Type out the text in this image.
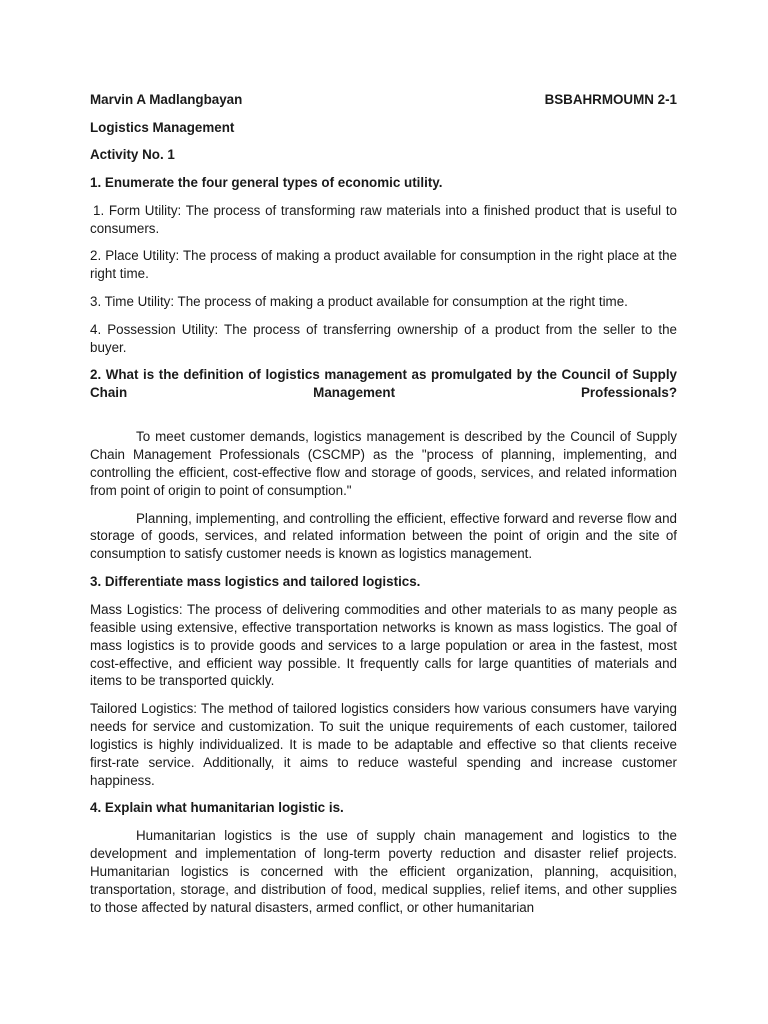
Marvin A Madlangbayan	BSBAHRMOUMN 2-1

Logistics Management

Activity No. 1

1. Enumerate the four general types of economic utility.

1. Form Utility: The process of transforming raw materials into a finished product that is useful to consumers.

2. Place Utility: The process of making a product available for consumption in the right place at the right time.

3. Time Utility: The process of making a product available for consumption at the right time.

4. Possession Utility: The process of transferring ownership of a product from the seller to the buyer.

2. What is the definition of logistics management as promulgated by the Council of Supply Chain Management Professionals?

To meet customer demands, logistics management is described by the Council of Supply Chain Management Professionals (CSCMP) as the "process of planning, implementing, and controlling the efficient, cost-effective flow and storage of goods, services, and related information from point of origin to point of consumption."

Planning, implementing, and controlling the efficient, effective forward and reverse flow and storage of goods, services, and related information between the point of origin and the site of consumption to satisfy customer needs is known as logistics management.

3. Differentiate mass logistics and tailored logistics.

Mass Logistics: The process of delivering commodities and other materials to as many people as feasible using extensive, effective transportation networks is known as mass logistics. The goal of mass logistics is to provide goods and services to a large population or area in the fastest, most cost-effective, and efficient way possible. It frequently calls for large quantities of materials and items to be transported quickly.

Tailored Logistics: The method of tailored logistics considers how various consumers have varying needs for service and customization. To suit the unique requirements of each customer, tailored logistics is highly individualized. It is made to be adaptable and effective so that clients receive first-rate service. Additionally, it aims to reduce wasteful spending and increase customer happiness.

4. Explain what humanitarian logistic is.

Humanitarian logistics is the use of supply chain management and logistics to the development and implementation of long-term poverty reduction and disaster relief projects. Humanitarian logistics is concerned with the efficient organization, planning, acquisition, transportation, storage, and distribution of food, medical supplies, relief items, and other supplies to those affected by natural disasters, armed conflict, or other humanitarian
